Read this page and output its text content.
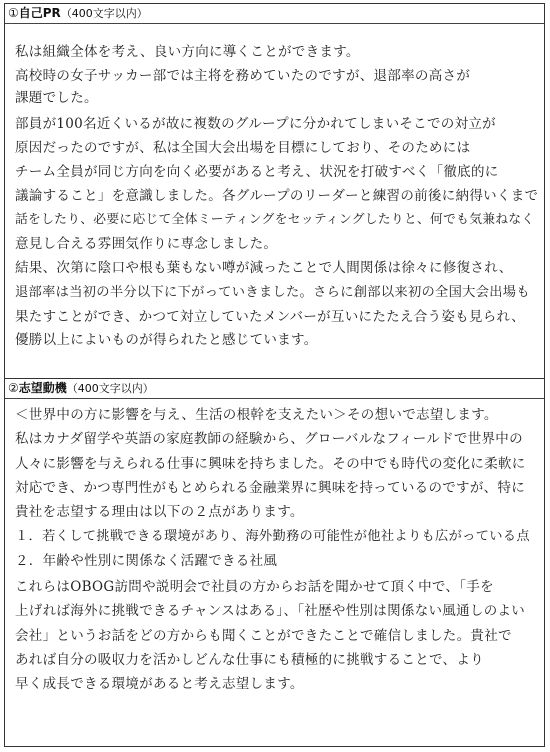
①自己PR（400文字以内）
私は組織全体を考え、良い方向に導くことができます。
高校時の女子サッカー部では主将を務めていたのですが、退部率の高さが
課題でした。
部員が100名近くいるが故に複数のグループに分かれてしまいそこでの対立が
原因だったのですが、私は全国大会出場を目標にしており、そのためには
チーム全員が同じ方向を向く必要があると考え、状況を打破すべく「徹底的に
議論すること」を意識しました。各グループのリーダーと練習の前後に納得いくまで
話をしたり、必要に応じて全体ミーティングをセッティングしたりと、何でも気兼ねなく
意見し合える雰囲気作りに専念しました。
結果、次第に陰口や根も葉もない噂が減ったことで人間関係は徐々に修復され、
退部率は当初の半分以下に下がっていきました。さらに創部以来初の全国大会出場も
果たすことができ、かつて対立していたメンバーが互いにたたえ合う姿も見られ、
優勝以上によいものが得られたと感じています。
②志望動機（400文字以内）
＜世界中の方に影響を与え、生活の根幹を支えたい＞その想いで志望します。
私はカナダ留学や英語の家庭教師の経験から、グローバルなフィールドで世界中の
人々に影響を与えられる仕事に興味を持ちました。その中でも時代の変化に柔軟に
対応でき、かつ専門性がもとめられる金融業界に興味を持っているのですが、特に
貴社を志望する理由は以下の２点があります。
１．若くして挑戦できる環境があり、海外勤務の可能性が他社よりも広がっている点
２．年齢や性別に関係なく活躍できる社風
これらはOBOG訪問や説明会で社員の方からお話を聞かせて頂く中で、「手を
上げれば海外に挑戦できるチャンスはある」、「社歴や性別は関係ない風通しのよい
会社」というお話をどの方からも聞くことができたことで確信しました。貴社で
あれば自分の吸収力を活かしどんな仕事にも積極的に挑戦することで、より
早く成長できる環境があると考え志望します。
